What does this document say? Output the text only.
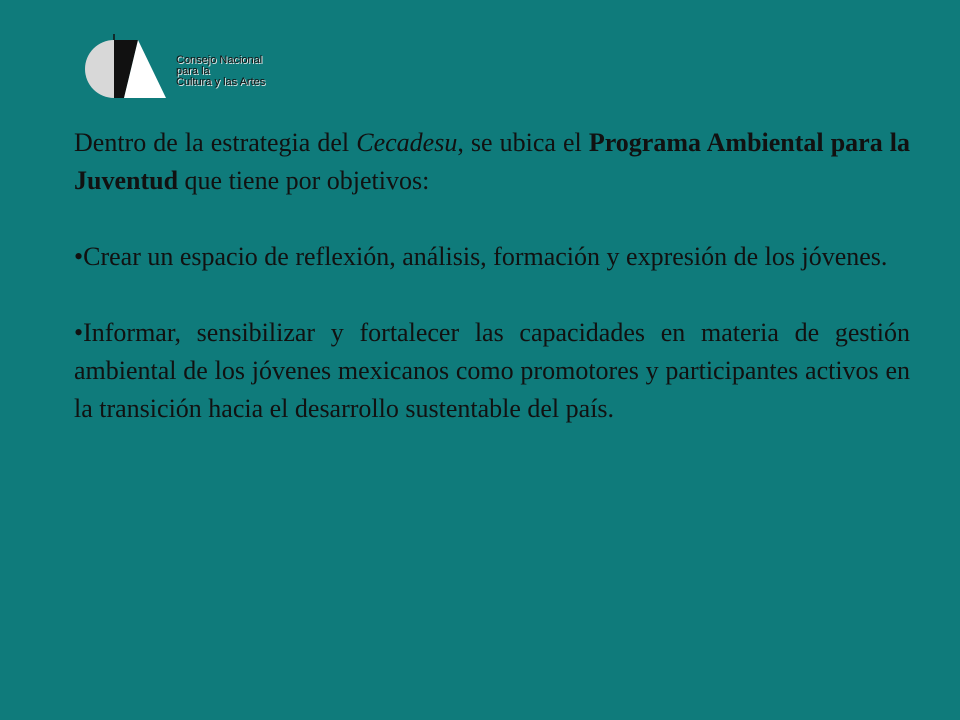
Consejo Nacional
para la
Cultura y las Artes

Dentro de la estrategia del Cecadesu, se ubica el Programa Ambiental para la Juventud que tiene por objetivos:

•Crear un espacio de reflexión, análisis, formación y expresión de los jóvenes.

•Informar, sensibilizar y fortalecer las capacidades en materia de gestión ambiental de los jóvenes mexicanos como promotores y participantes activos en la transición hacia el desarrollo sustentable del país.
